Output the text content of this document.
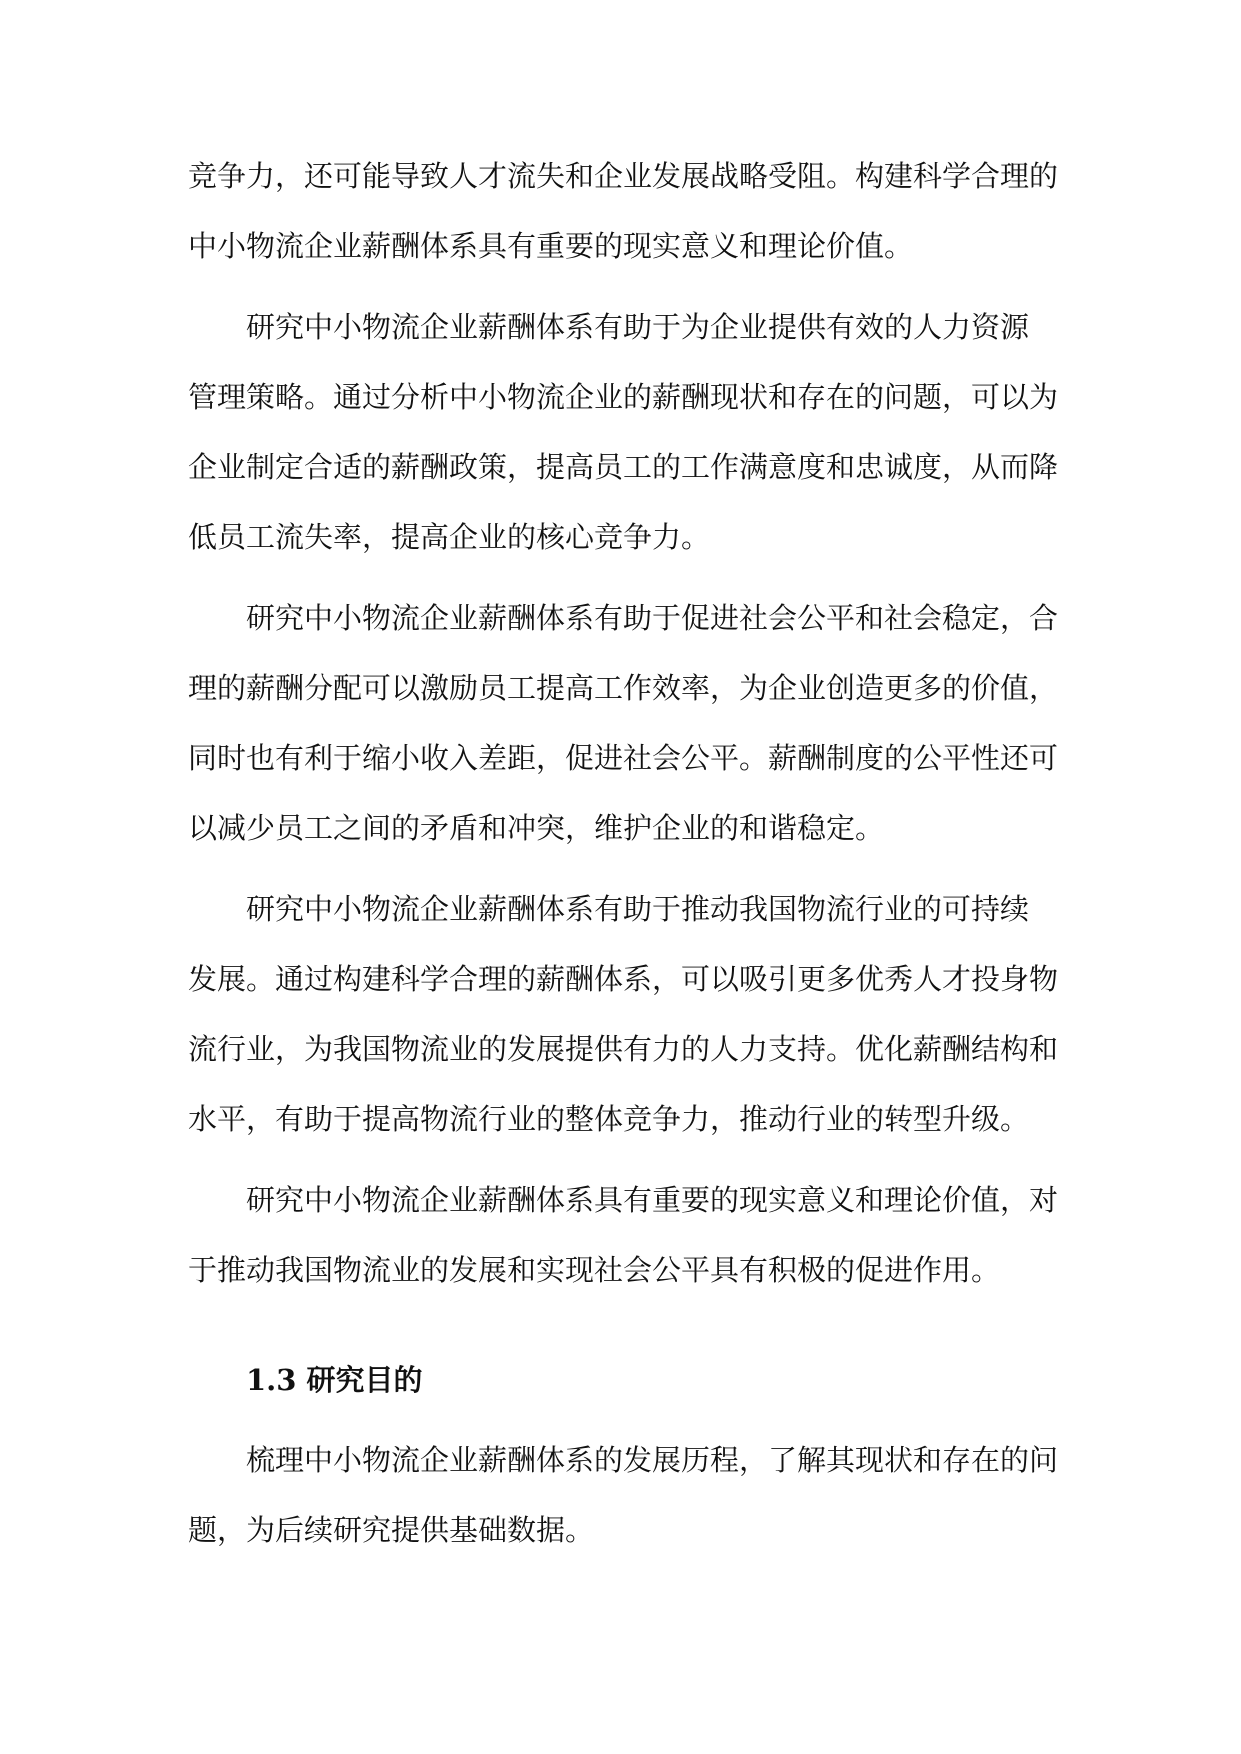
竞争力，还可能导致人才流失和企业发展战略受阻。构建科学合理的
中小物流企业薪酬体系具有重要的现实意义和理论价值。
研究中小物流企业薪酬体系有助于为企业提供有效的人力资源
管理策略。通过分析中小物流企业的薪酬现状和存在的问题，可以为
企业制定合适的薪酬政策，提高员工的工作满意度和忠诚度，从而降
低员工流失率，提高企业的核心竞争力。
研究中小物流企业薪酬体系有助于促进社会公平和社会稳定，合
理的薪酬分配可以激励员工提高工作效率，为企业创造更多的价值，
同时也有利于缩小收入差距，促进社会公平。薪酬制度的公平性还可
以减少员工之间的矛盾和冲突，维护企业的和谐稳定。
研究中小物流企业薪酬体系有助于推动我国物流行业的可持续
发展。通过构建科学合理的薪酬体系，可以吸引更多优秀人才投身物
流行业，为我国物流业的发展提供有力的人力支持。优化薪酬结构和
水平，有助于提高物流行业的整体竞争力，推动行业的转型升级。
研究中小物流企业薪酬体系具有重要的现实意义和理论价值，对
于推动我国物流业的发展和实现社会公平具有积极的促进作用。
1.3 研究目的
梳理中小物流企业薪酬体系的发展历程，了解其现状和存在的问
题，为后续研究提供基础数据。
